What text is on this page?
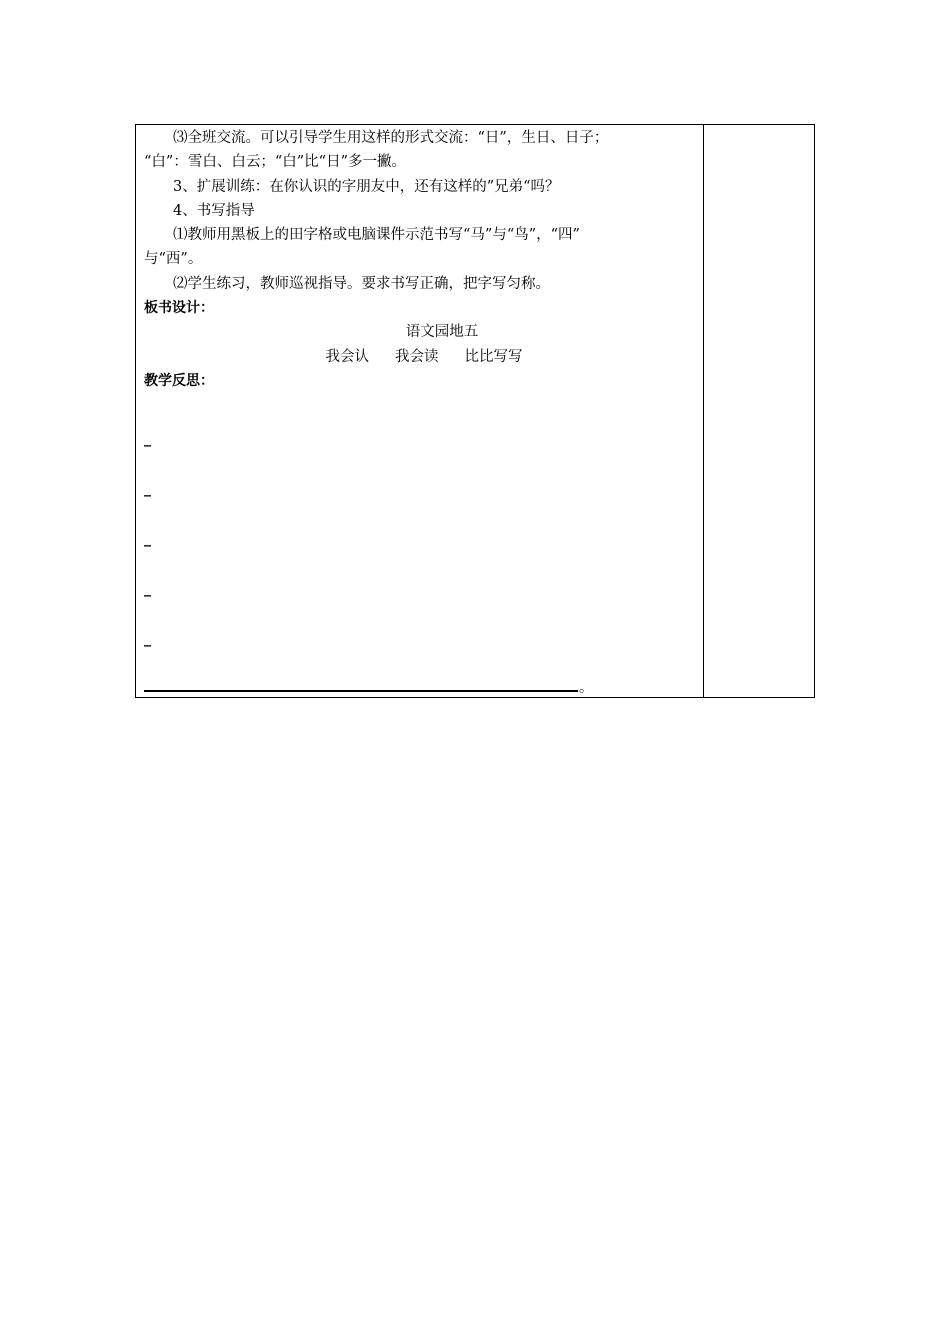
⑶全班交流。可以引导学生用这样的形式交流：“日”，生日、日子；

“白”：雪白、白云；“白”比“日”多一撇。

3、扩展训练：在你认识的字朋友中，还有这样的”兄弟“吗？

4、书写指导

⑴教师用黑板上的田字格或电脑课件示范书写“马”与“鸟”，“四”

与“西”。

⑵学生练习，教师巡视指导。要求书写正确，把字写匀称。

板书设计：

语文园地五

我会认 我会读 比比写写

教学反思：

_
_
_
_
_
。
